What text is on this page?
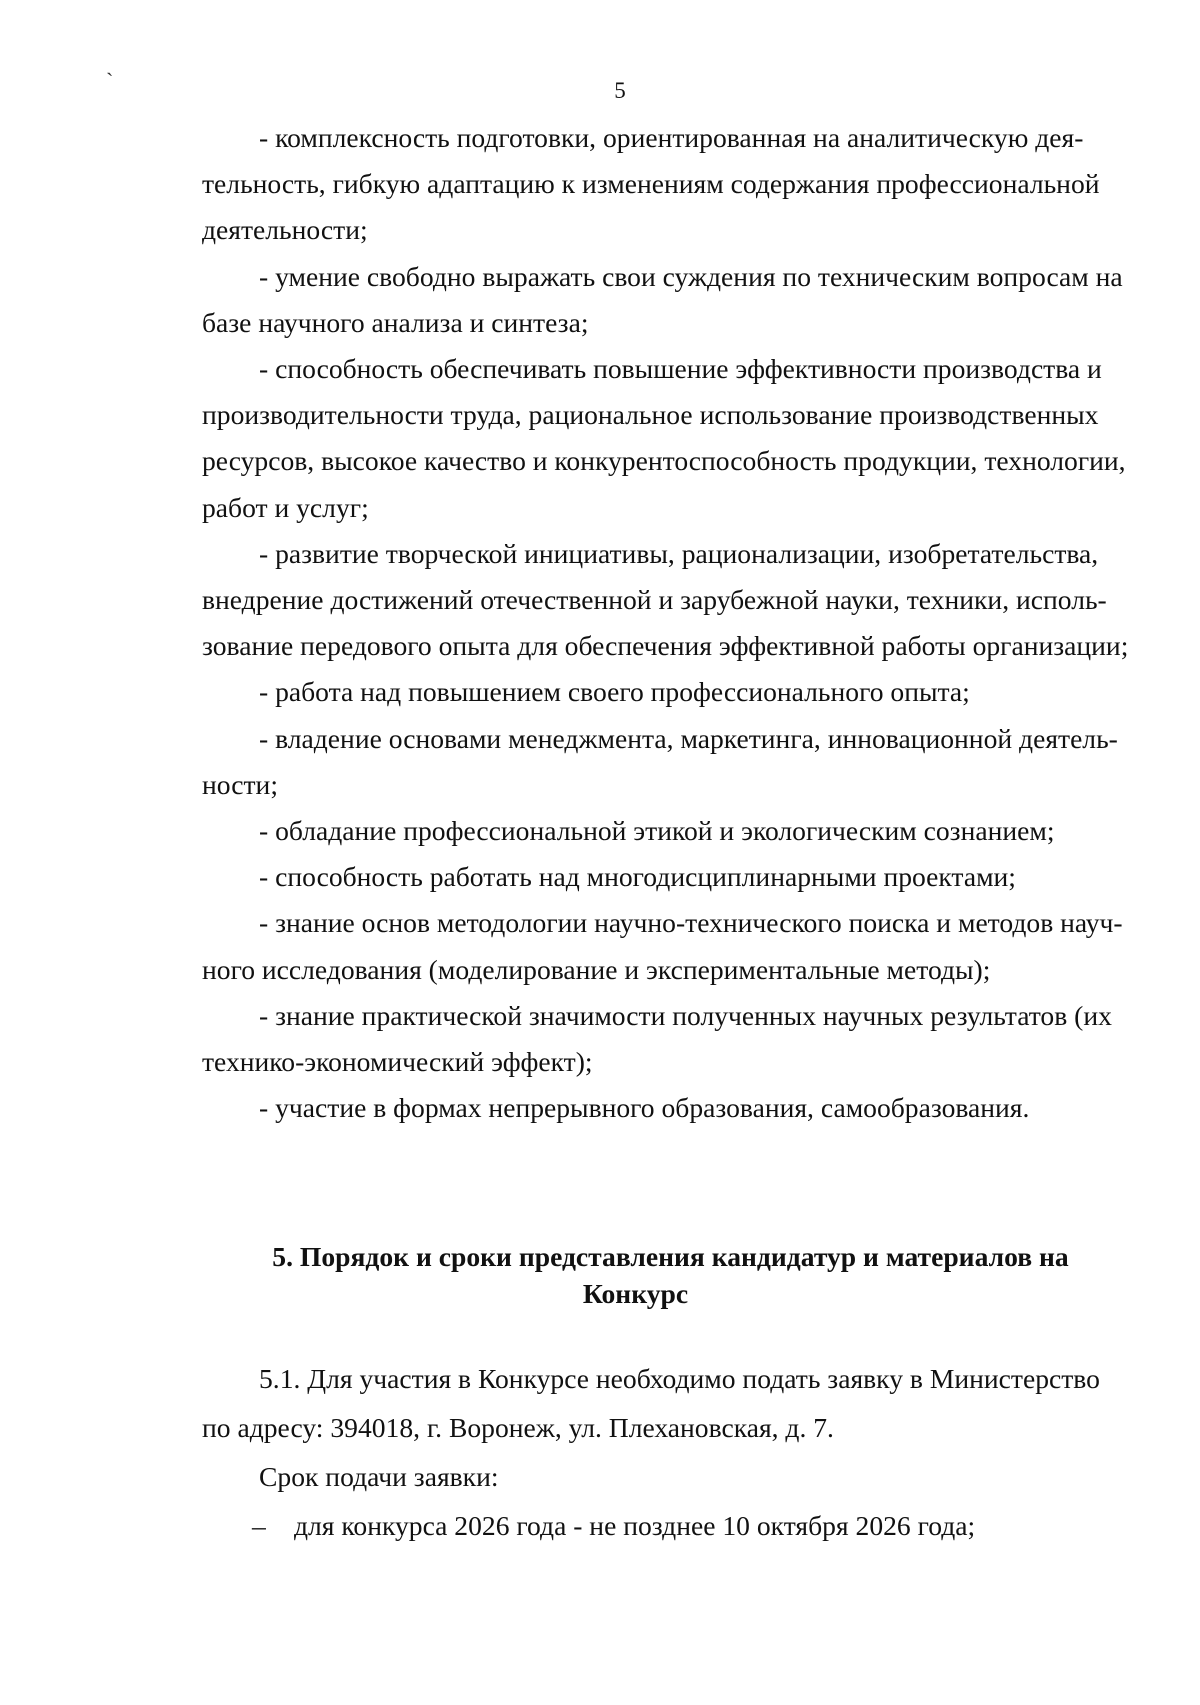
`	5
- комплексность подготовки, ориентированная на аналитическую дея-
тельность, гибкую адаптацию к изменениям содержания профессиональной
деятельности;
- умение свободно выражать свои суждения по техническим вопросам на
базе научного анализа и синтеза;
- способность обеспечивать повышение эффективности производства и
производительности труда, рациональное использование производственных
ресурсов, высокое качество и конкурентоспособность продукции, технологии,
работ и услуг;
- развитие творческой инициативы, рационализации, изобретательства,
внедрение достижений отечественной и зарубежной науки, техники, исполь-
зование передового опыта для обеспечения эффективной работы организации;
- работа над повышением своего профессионального опыта;
- владение основами менеджмента, маркетинга, инновационной деятель-
ности;
- обладание профессиональной этикой и экологическим сознанием;
- способность работать над многодисциплинарными проектами;
- знание основ методологии научно-технического поиска и методов науч-
ного исследования (моделирование и экспериментальные методы);
- знание практической значимости полученных научных результатов (их
технико-экономический эффект);
- участие в формах непрерывного образования, самообразования.
5. Порядок и сроки представления кандидатур и материалов на
Конкурс
5.1. Для участия в Конкурсе необходимо подать заявку в Министерство
по адресу: 394018, г. Воронеж, ул. Плехановская, д. 7.
Срок подачи заявки:
– для конкурса 2026 года - не позднее 10 октября 2026 года;
